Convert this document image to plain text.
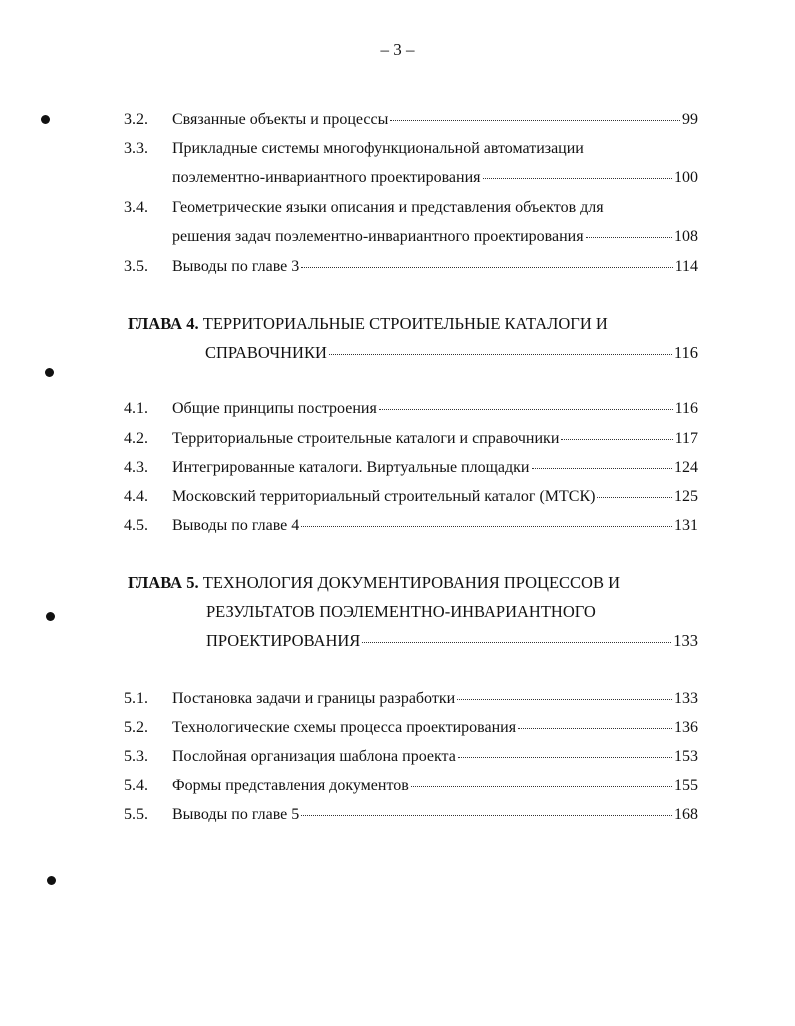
– 3 –
3.2. Связанные объекты и процессы	99
3.3. Прикладные системы многофункциональной автоматизации
поэлементно-инвариантного проектирования	100
3.4. Геометрические языки описания и представления объектов для
решения задач поэлементно-инвариантного проектирования	108
3.5. Выводы по главе 3	114
ГЛАВА 4. ТЕРРИТОРИАЛЬНЫЕ СТРОИТЕЛЬНЫЕ КАТАЛОГИ И
СПРАВОЧНИКИ	116
4.1. Общие принципы построения	116
4.2. Территориальные строительные каталоги и справочники	117
4.3. Интегрированные каталоги. Виртуальные площадки	124
4.4. Московский территориальный строительный каталог (МТСК)	125
4.5. Выводы по главе 4	131
ГЛАВА 5. ТЕХНОЛОГИЯ ДОКУМЕНТИРОВАНИЯ ПРОЦЕССОВ И
РЕЗУЛЬТАТОВ ПОЭЛЕМЕНТНО-ИНВАРИАНТНОГО
ПРОЕКТИРОВАНИЯ	133
5.1. Постановка задачи и границы разработки	133
5.2. Технологические схемы процесса проектирования	136
5.3. Послойная организация шаблона проекта	153
5.4. Формы представления документов	155
5.5. Выводы по главе 5	168
